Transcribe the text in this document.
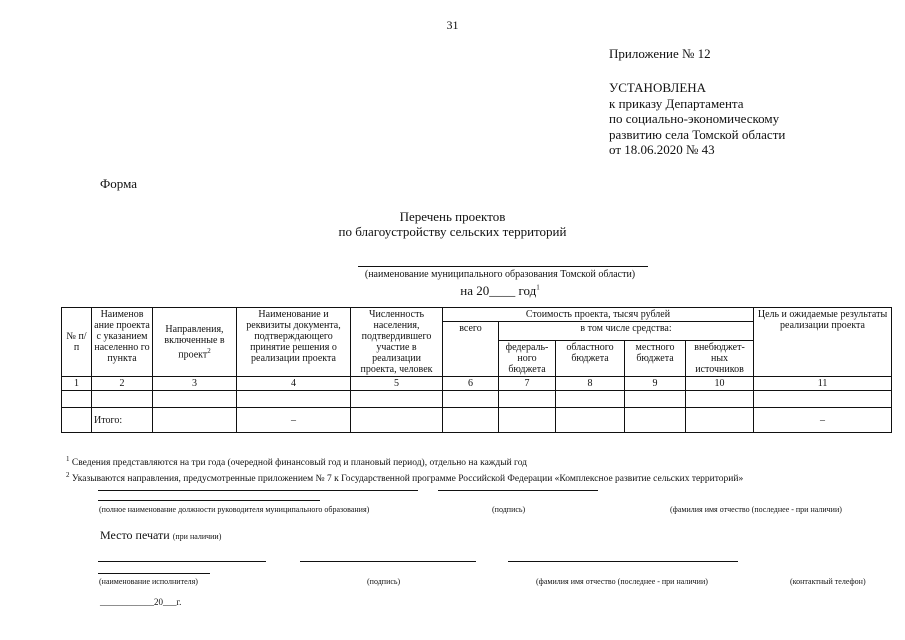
31
Приложение № 12
УСТАНОВЛЕНА
к приказу Департамента
по социально-экономическому
развитию села Томской области
от 18.06.2020 № 43
Форма
Перечень проектов
по благоустройству сельских территорий
(наименование муниципального образования Томской области)
на 20____ год$^1$
№ п/п	Наименов ание проекта с указанием населенно го пункта	Направления, включенные в проект$^2$	Наименование и реквизиты документа, подтверждающего принятие решения о реализации проекта	Численность населения, подтвердившего участие в реализации проекта, человек	Стоимость проекта, тысяч рублей					Цель и ожидаемые результаты реализации проекта
					всего	в том числе средства:				
						федераль- ного бюджета	областного бюджета	местного бюджета	внебюджет- ных источников	
1	2	3	4	5	6	7	8	9	10	11

	Итого:		–							–
$^1$ Сведения представляются на три года (очередной финансовый год и плановый период), отдельно на каждый год
$^2$ Указываются направления, предусмотренные приложением № 7 к Государственной программе Российской Федерации «Комплексное развитие сельских территорий»
(полное наименование должности руководителя муниципального образования)	(подпись)	(фамилия имя отчество (последнее - при наличии)
Место печати (при наличии)
(наименование исполнителя)	(подпись)	(фамилия имя отчество (последнее - при наличии)	(контактный телефон)
____________20___г.
